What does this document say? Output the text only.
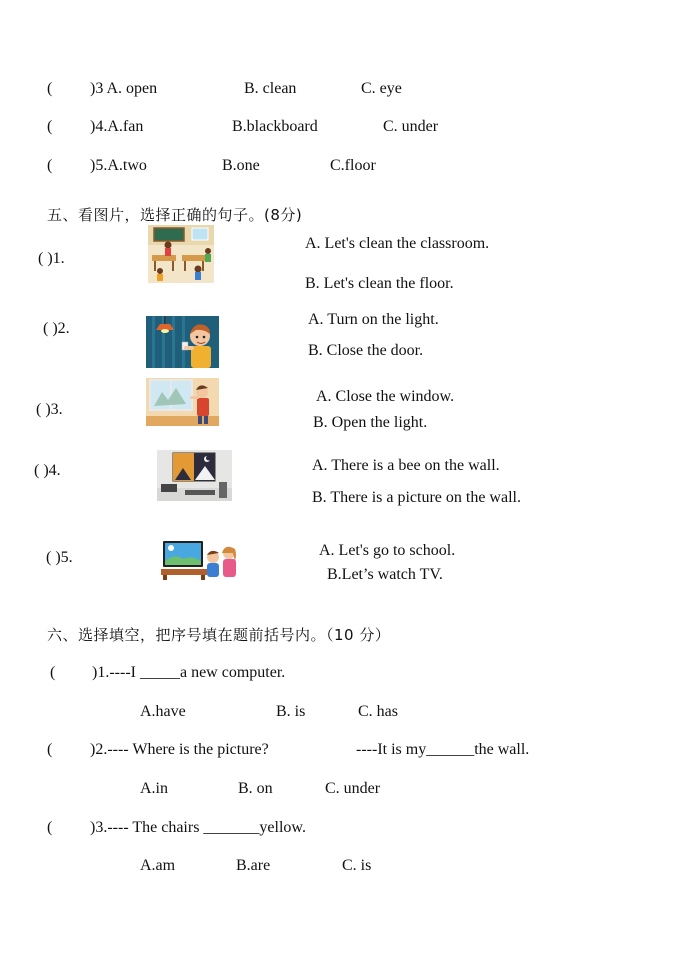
( )3 A. open	B. clean	C. eye
( )4.A.fan	B.blackboard	C. under
( )5.A.two	B.one	C.floor
五、看图片，选择正确的句子。(8分)
( )1.
A. Let's clean the classroom.
B. Let's clean the floor.
( )2.
A. Turn on the light.
B. Close the door.
( )3.
A. Close the window.
B. Open the light.
( )4.	A. There is a bee on the wall.
B. There is a picture on the wall.
( )5.	A. Let's go to school.
B.Let’s watch TV.
六、选择填空，把序号填在题前括号内。（10 分）
( )1.----I _____a new computer.
A.have	B. is	C. has
( )2.---- Where is the picture?	----It is my______the wall.
A.in	B. on	C. under
( )3.---- The chairs _______yellow.
A.am	B.are	C. is
